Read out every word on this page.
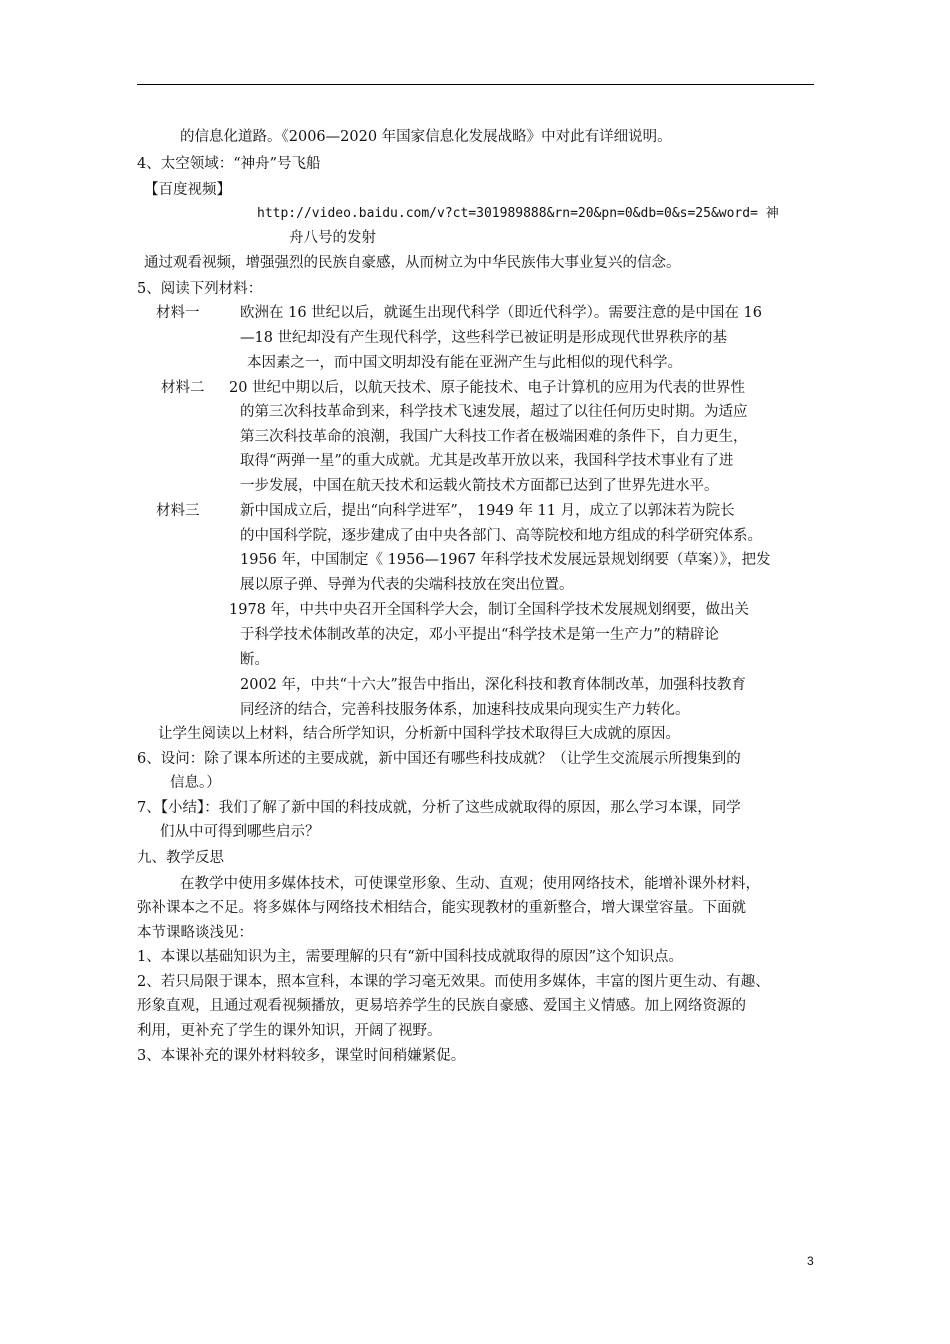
的信息化道路。《2006—2020 年国家信息化发展战略》中对此有详细说明。
4、太空领域：“神舟”号飞船
【百度视频】
http://video.baidu.com/v?ct=301989888&rn=20&pn=0&db=0&s=25&word= 神
舟八号的发射
通过观看视频，增强强烈的民族自豪感，从而树立为中华民族伟大事业复兴的信念。
5、阅读下列材料：
材料一	欧洲在 16 世纪以后，就诞生出现代科学（即近代科学）。需要注意的是中国在 16
—18 世纪却没有产生现代科学，这些科学已被证明是形成现代世界秩序的基
本因素之一，而中国文明却没有能在亚洲产生与此相似的现代科学。
材料二 20 世纪中期以后，以航天技术、原子能技术、电子计算机的应用为代表的世界性
的第三次科技革命到来，科学技术飞速发展，超过了以往任何历史时期。为适应
第三次科技革命的浪潮，我国广大科技工作者在极端困难的条件下，自力更生，
取得“两弹一星”的重大成就。尤其是改革开放以来，我国科学技术事业有了进
一步发展，中国在航天技术和运载火箭技术方面都已达到了世界先进水平。
材料三	新中国成立后，提出“向科学进军”， 1949 年 11 月，成立了以郭沫若为院长
的中国科学院，逐步建成了由中央各部门、高等院校和地方组成的科学研究体系。
1956 年，中国制定《 1956—1967 年科学技术发展远景规划纲要（草案）》，把发
展以原子弹、导弹为代表的尖端科技放在突出位置。
1978 年，中共中央召开全国科学大会，制订全国科学技术发展规划纲要，做出关
于科学技术体制改革的决定，邓小平提出“科学技术是第一生产力”的精辟论
断。
2002 年，中共“十六大”报告中指出，深化科技和教育体制改革，加强科技教育
同经济的结合，完善科技服务体系，加速科技成果向现实生产力转化。
让学生阅读以上材料，结合所学知识，分析新中国科学技术取得巨大成就的原因。
6、设问：除了课本所述的主要成就，新中国还有哪些科技成就？（让学生交流展示所搜集到的
信息。）
7、【小结】：我们了解了新中国的科技成就，分析了这些成就取得的原因，那么学习本课，同学
们从中可得到哪些启示？
九、教学反思
在教学中使用多媒体技术，可使课堂形象、生动、直观；使用网络技术，能增补课外材料，
弥补课本之不足。将多媒体与网络技术相结合，能实现教材的重新整合，增大课堂容量。下面就
本节课略谈浅见：
1、本课以基础知识为主，需要理解的只有“新中国科技成就取得的原因”这个知识点。
2、若只局限于课本，照本宣科，本课的学习毫无效果。而使用多媒体，丰富的图片更生动、有趣、
形象直观，且通过观看视频播放，更易培养学生的民族自豪感、爱国主义情感。加上网络资源的
利用，更补充了学生的课外知识，开阔了视野。
3、本课补充的课外材料较多，课堂时间稍嫌紧促。
3
